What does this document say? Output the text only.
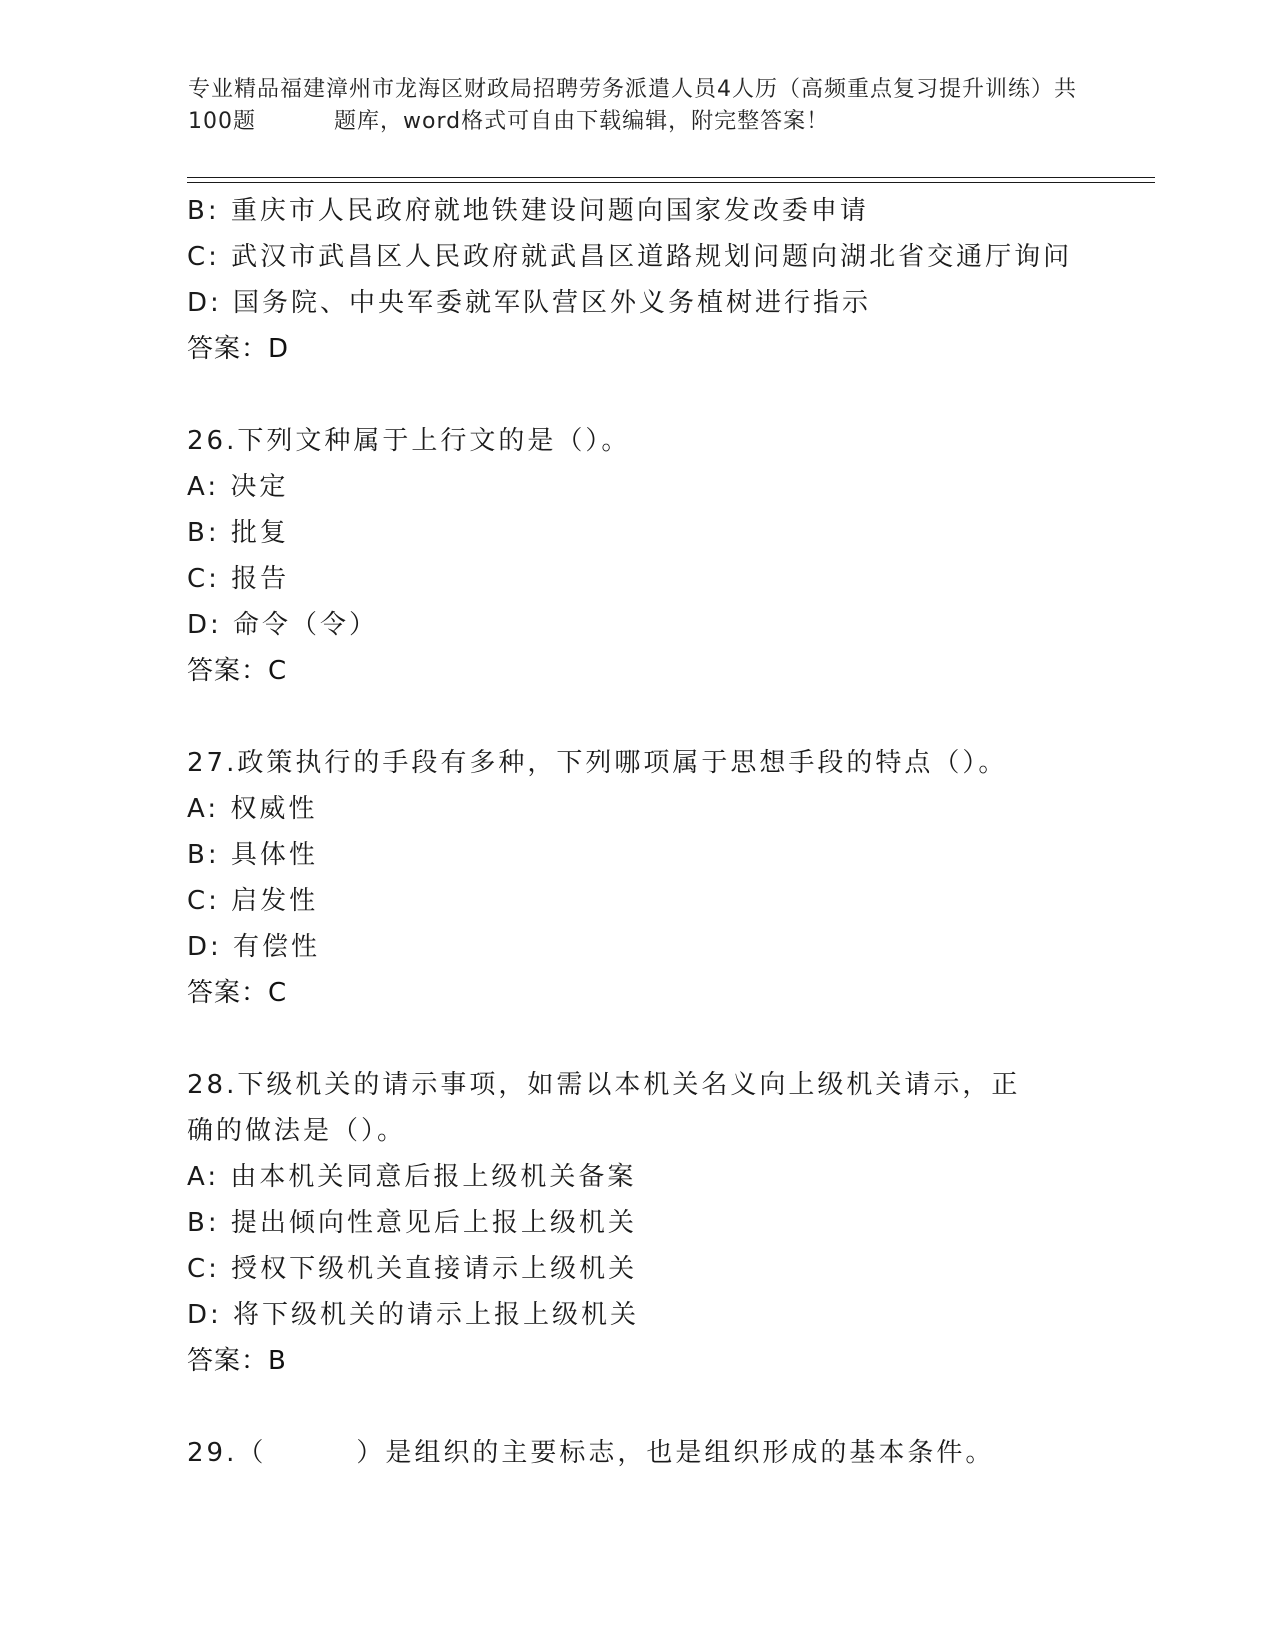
专业精品福建漳州市龙海区财政局招聘劳务派遣人员4人历（高频重点复习提升训练）共100题	题库，word格式可自由下载编辑，附完整答案！
B: 重庆市人民政府就地铁建设问题向国家发改委申请
C: 武汉市武昌区人民政府就武昌区道路规划问题向湖北省交通厅询问
D: 国务院、中央军委就军队营区外义务植树进行指示
答案：D
26.下列文种属于上行文的是（）。
A: 决定
B: 批复
C: 报告
D: 命令（令）
答案：C
27.政策执行的手段有多种，下列哪项属于思想手段的特点（）。
A: 权威性
B: 具体性
C: 启发性
D: 有偿性
答案：C
28.下级机关的请示事项，如需以本机关名义向上级机关请示，正确的做法是（）。
A: 由本机关同意后报上级机关备案
B: 提出倾向性意见后上报上级机关
C: 授权下级机关直接请示上级机关
D: 将下级机关的请示上报上级机关
答案：B
29.（	）是组织的主要标志，也是组织形成的基本条件。
